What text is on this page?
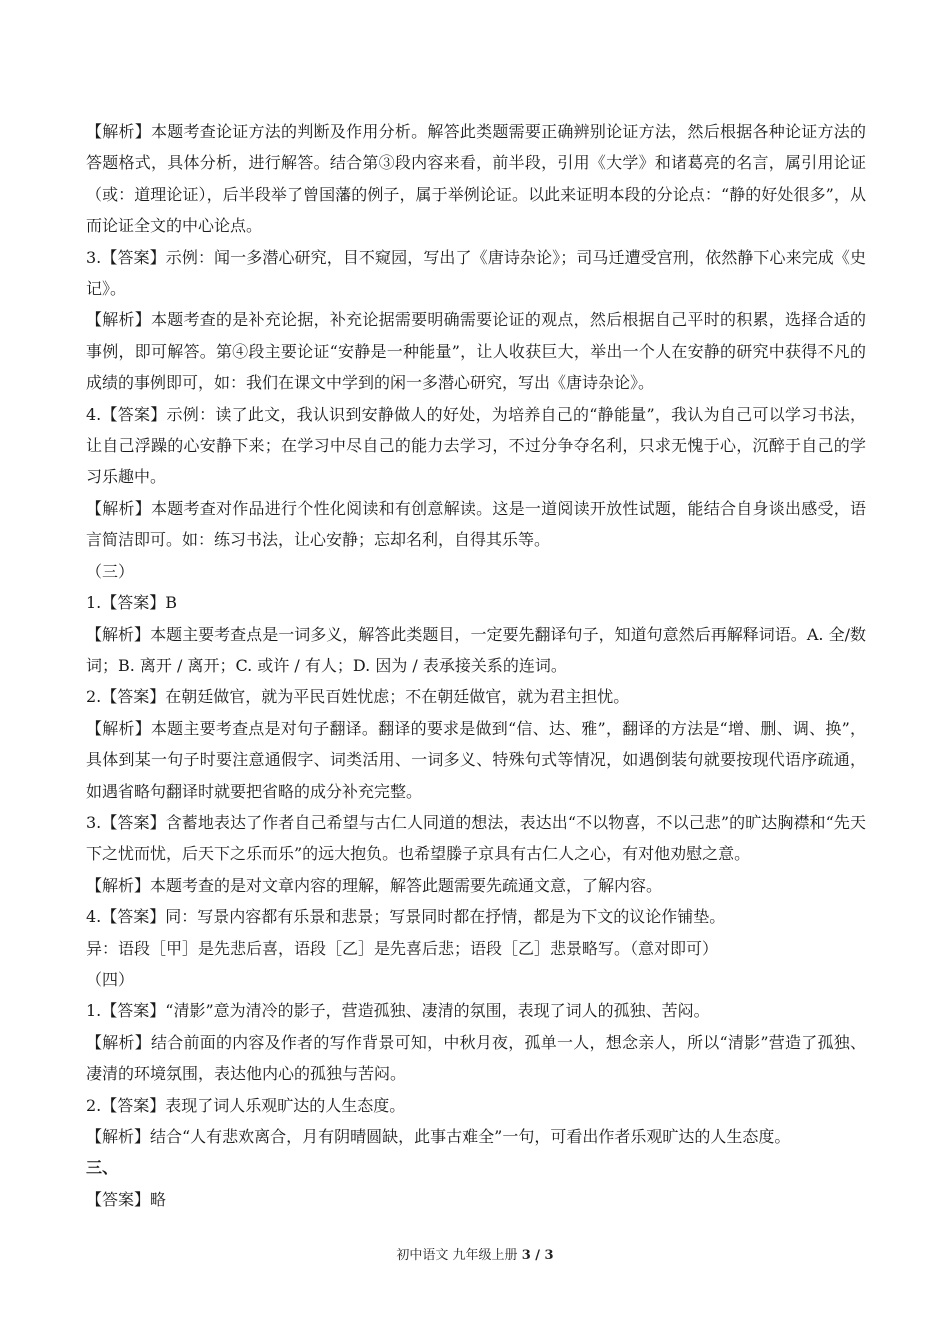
【解析】本题考查论证方法的判断及作用分析。解答此类题需要正确辨别论证方法，然后根据各种论证方法的答题格式，具体分析，进行解答。结合第③段内容来看，前半段，引用《大学》和诸葛亮的名言，属引用论证（或：道理论证），后半段举了曾国藩的例子，属于举例论证。以此来证明本段的分论点：“静的好处很多”，从而论证全文的中心论点。

3.【答案】示例：闻一多潜心研究，目不窥园，写出了《唐诗杂论》；司马迁遭受宫刑，依然静下心来完成《史记》。

【解析】本题考查的是补充论据，补充论据需要明确需要论证的观点，然后根据自己平时的积累，选择合适的事例，即可解答。第④段主要论证“安静是一种能量”，让人收获巨大，举出一个人在安静的研究中获得不凡的成绩的事例即可，如：我们在课文中学到的闲一多潜心研究，写出《唐诗杂论》。

4.【答案】示例：读了此文，我认识到安静做人的好处，为培养自己的“静能量”，我认为自己可以学习书法，让自己浮躁的心安静下来；在学习中尽自己的能力去学习，不过分争夺名利，只求无愧于心，沉醉于自己的学习乐趣中。

【解析】本题考查对作品进行个性化阅读和有创意解读。这是一道阅读开放性试题，能结合自身谈出感受，语言简洁即可。如：练习书法，让心安静；忘却名利，自得其乐等。

（三）

1.【答案】B

【解析】本题主要考查点是一词多义，解答此类题目，一定要先翻译句子，知道句意然后再解释词语。A. 全/数词；B. 离开 / 离开；C. 或许 / 有人；D. 因为 / 表承接关系的连词。

2.【答案】在朝廷做官，就为平民百姓忧虑；不在朝廷做官，就为君主担忧。

【解析】本题主要考查点是对句子翻译。翻译的要求是做到“信、达、雅”，翻译的方法是“增、删、调、换”，具体到某一句子时要注意通假字、词类活用、一词多义、特殊句式等情况，如遇倒装句就要按现代语序疏通，如遇省略句翻译时就要把省略的成分补充完整。

3.【答案】含蓄地表达了作者自己希望与古仁人同道的想法，表达出“不以物喜，不以己悲”的旷达胸襟和“先天下之忧而忧，后天下之乐而乐”的远大抱负。也希望滕子京具有古仁人之心，有对他劝慰之意。

【解析】本题考查的是对文章内容的理解，解答此题需要先疏通文意，了解内容。

4.【答案】同：写景内容都有乐景和悲景；写景同时都在抒情，都是为下文的议论作铺垫。

异：语段［甲］是先悲后喜，语段［乙］是先喜后悲；语段［乙］悲景略写。（意对即可）

（四）

1.【答案】“清影”意为清冷的影子，营造孤独、凄清的氛围，表现了词人的孤独、苦闷。

【解析】结合前面的内容及作者的写作背景可知，中秋月夜，孤单一人，想念亲人，所以“清影”营造了孤独、凄清的环境氛围，表达他内心的孤独与苦闷。

2.【答案】表现了词人乐观旷达的人生态度。

【解析】结合“人有悲欢离合，月有阴晴圆缺，此事古难全”一句，可看出作者乐观旷达的人生态度。

三、

【答案】略

初中语文 九年级上册 3 / 3
